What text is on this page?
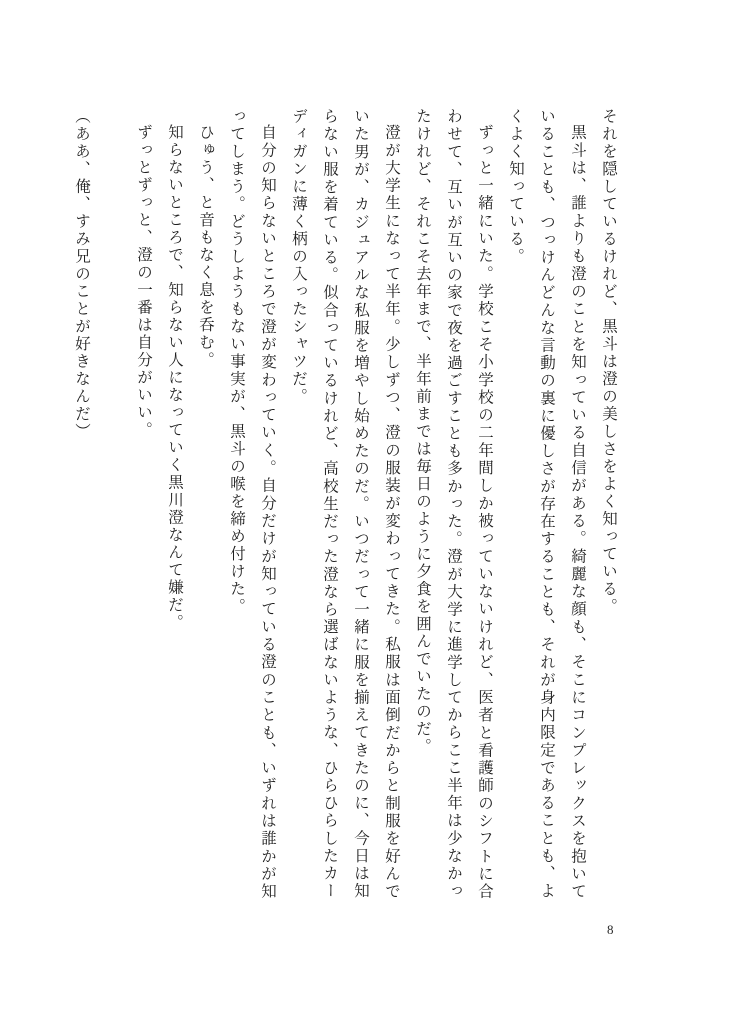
それを隠しているけれど、黒斗は澄の美しさをよく知っている。

黒斗は、誰よりも澄のことを知っている自信がある。綺麗な顔も、そこにコンプレックスを抱いていることも、つっけんどんな言動の裏に優しさが存在することも、それが身内限定であることも、よくよく知っている。

ずっと一緒にいた。学校こそ小学校の二年間しか被っていないけれど、医者と看護師のシフトに合わせて、互いが互いの家で夜を過ごすことも多かった。澄が大学に進学してからここ半年は少なかったけれど、それこそ去年まで、半年前までは毎日のように夕食を囲んでいたのだ。

澄が大学生になって半年。少しずつ、澄の服装が変わってきた。私服は面倒だからと制服を好んでいた男が、カジュアルな私服を増やし始めたのだ。いつだって一緒に服を揃えてきたのに、今日は知らない服を着ている。似合っているけれど、高校生だった澄なら選ばないような、ひらひらしたカーディガンに薄く柄の入ったシャツだ。

自分の知らないところで澄が変わっていく。自分だけが知っている澄のことも、いずれは誰かが知ってしまう。どうしようもない事実が、黒斗の喉を締め付けた。

ひゅう、と音もなく息を呑む。

知らないところで、知らない人になっていく黒川澄なんて嫌だ。

ずっとずっと、澄の一番は自分がいい。

（ああ、俺、すみ兄のことが好きなんだ）

8
